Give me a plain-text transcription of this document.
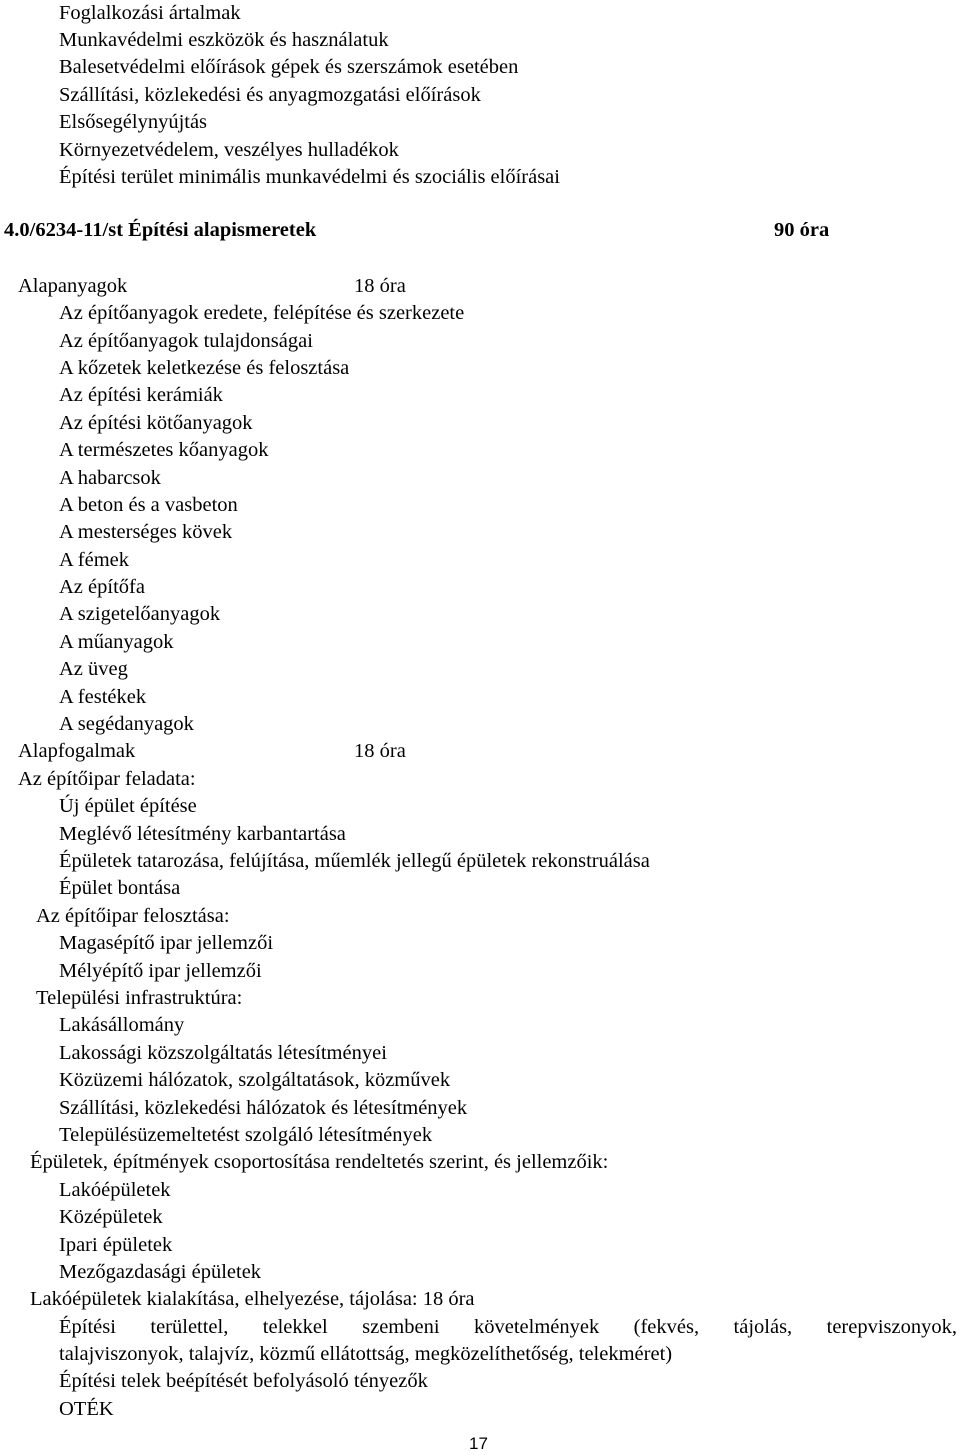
Foglalkozási ártalmak
Munkavédelmi eszközök és használatuk
Balesetvédelmi előírások gépek és szerszámok esetében
Szállítási, közlekedési és anyagmozgatási előírások
Elsősegélynyújtás
Környezetvédelem, veszélyes hulladékok
Építési terület minimális munkavédelmi és szociális előírásai
4.0/6234-11/st Építési alapismeretek	90 óra
Alapanyagok	18 óra
Az építőanyagok eredete, felépítése és szerkezete
Az építőanyagok tulajdonságai
A kőzetek keletkezése és felosztása
Az építési kerámiák
Az építési kötőanyagok
A természetes kőanyagok
A habarcsok
A beton és a vasbeton
A mesterséges kövek
A fémek
Az építőfa
A szigetelőanyagok
A műanyagok
Az üveg
A festékek
A segédanyagok
Alapfogalmak	18 óra
Az építőipar feladata:
Új épület építése
Meglévő létesítmény karbantartása
Épületek tatarozása, felújítása, műemlék jellegű épületek rekonstruálása
Épület bontása
Az építőipar felosztása:
Magasépítő ipar jellemzői
Mélyépítő ipar jellemzői
Települési infrastruktúra:
Lakásállomány
Lakossági közszolgáltatás létesítményei
Közüzemi hálózatok, szolgáltatások, közművek
Szállítási, közlekedési hálózatok és létesítmények
Településüzemeltetést szolgáló létesítmények
Épületek, építmények csoportosítása rendeltetés szerint, és jellemzőik:
Lakóépületek
Középületek
Ipari épületek
Mezőgazdasági épületek
Lakóépületek kialakítása, elhelyezése, tájolása: 18 óra
Építési területtel, telekkel szembeni követelmények (fekvés, tájolás, terepviszonyok,
talajviszonyok, talajvíz, közmű ellátottság, megközelíthetőség, telekméret)
Építési telek beépítését befolyásoló tényezők
OTÉK
17
